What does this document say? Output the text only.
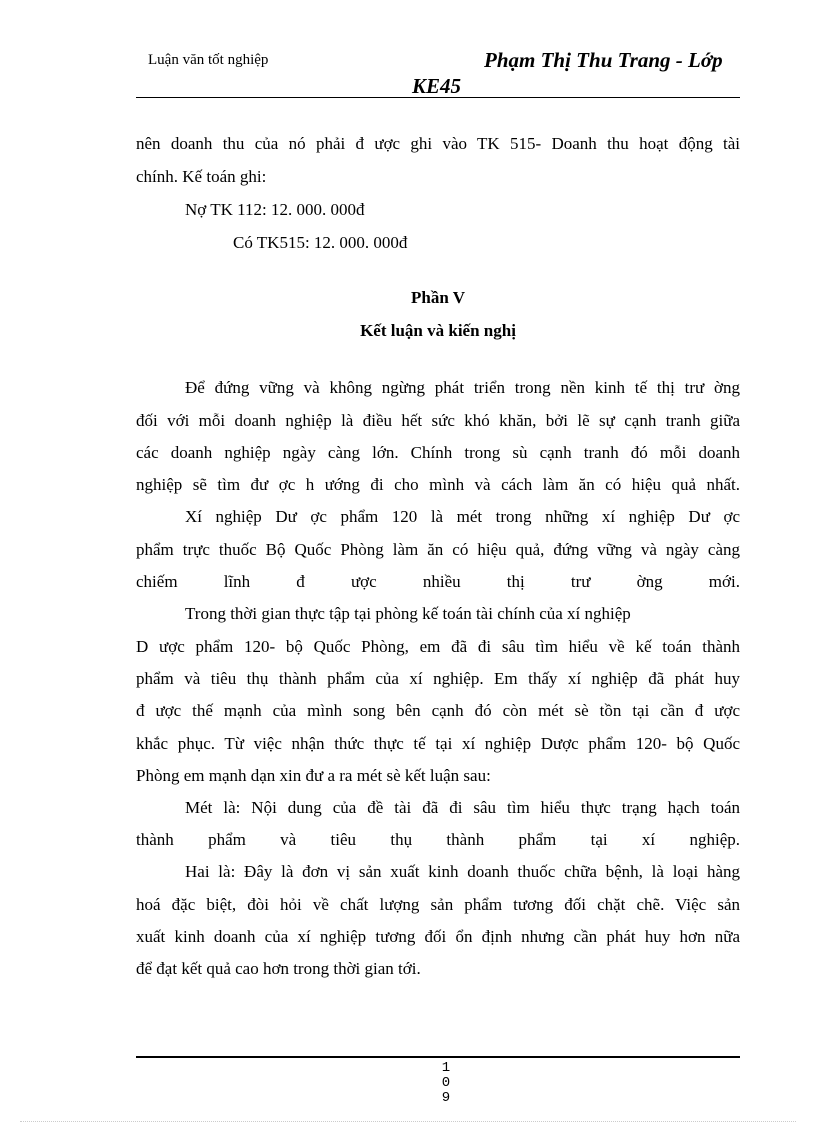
Luận văn tốt nghiệp	Phạm Thị Thu Trang - Lớp
KE45
nên doanh thu của nó phải đ ược ghi vào TK 515- Doanh thu hoạt động tài
chính. Kế toán ghi:
Nợ TK 112: 12. 000. 000đ
Có TK515: 12. 000. 000đ
Phần V
Kết luận và kiến nghị
Để đứng vững và không ngừng phát triển trong nền kinh tế thị trư ờng
đối với mỗi doanh nghiệp là điều hết sức khó khăn, bởi lẽ sự cạnh tranh giữa
các doanh nghiệp ngày càng lớn. Chính trong sù cạnh tranh đó mỗi doanh
nghiệp sẽ tìm đư ợc h ướng đi cho mình và cách làm ăn có hiệu quả nhất.
Xí nghiệp Dư ợc phẩm 120 là mét trong những xí nghiệp Dư ợc
phẩm trực thuốc Bộ Quốc Phòng làm ăn có hiệu quả, đứng vững và ngày càng
chiếm lĩnh đ ược nhiều thị trư ờng mới.
Trong thời gian thực tập tại phòng kế toán tài chính của xí nghiệp
D ược phẩm 120- bộ Quốc Phòng, em đã đi sâu tìm hiểu về kế toán thành
phẩm và tiêu thụ thành phẩm của xí nghiệp. Em thấy xí nghiệp đã phát huy
đ ược thế mạnh của mình song bên cạnh đó còn mét sè tồn tại cần đ ược
khắc phục. Từ việc nhận thức thực tế tại xí nghiệp Dược phẩm 120- bộ Quốc
Phòng em mạnh dạn xin đư a ra mét sè kết luận sau:
Mét là: Nội dung của đề tài đã đi sâu tìm hiểu thực trạng hạch toán
thành phẩm và tiêu thụ thành phẩm tại xí nghiệp.
Hai là: Đây là đơn vị sản xuất kinh doanh thuốc chữa bệnh, là loại hàng
hoá đặc biệt, đòi hỏi về chất lượng sản phẩm tương đối chặt chẽ. Việc sản
xuất kinh doanh của xí nghiệp tương đối ổn định nhưng cần phát huy hơn nữa
để đạt kết quả cao hơn trong thời gian tới.
1
0
9
